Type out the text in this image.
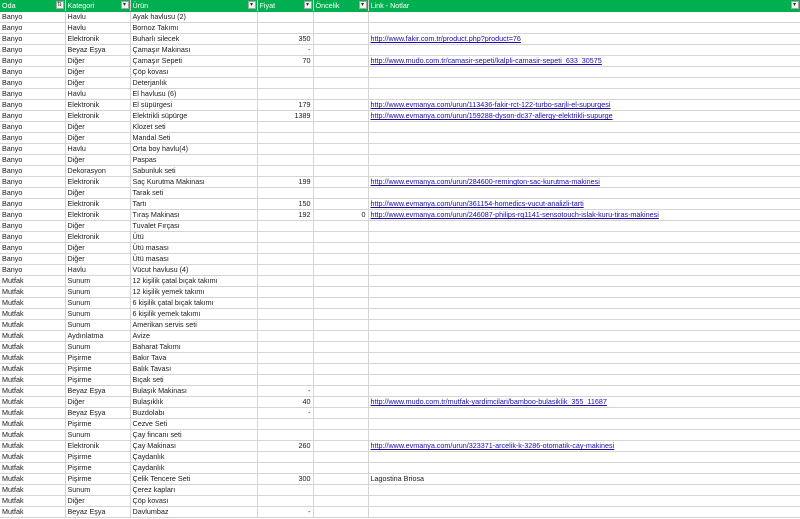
Oda ⇅	Kategori ▾	Ürün ▾	Fiyat ▾	Öncelik ▾	Link - Notlar ▾

Banyo	Havlu	Ayak havlusu (2)			
Banyo	Havlu	Bornoz Takımı			
Banyo	Elektronik	Buharlı silecek	350		http://www.fakir.com.tr/product.php?product=76
Banyo	Beyaz Eşya	Çamaşır Makinası	-		
Banyo	Diğer	Çamaşır Sepeti	70		http://www.mudo.com.tr/camasir-sepeti/kalpli-camasir-sepeti_633_30575
Banyo	Diğer	Çöp kovası			
Banyo	Diğer	Deterjanlık			
Banyo	Havlu	El havlusu (6)			
Banyo	Elektronik	El süpürgesi	179		http://www.evmanya.com/urun/113436-fakir-rct-122-turbo-sarjli-el-supurgesi
Banyo	Elektronik	Elektrikli süpürge	1389		http://www.evmanya.com/urun/159288-dyson-dc37-allergy-elektrikli-supurge
Banyo	Diğer	Klozet seti			
Banyo	Diğer	Mandal Seti			
Banyo	Havlu	Orta boy havlu(4)			
Banyo	Diğer	Paspas			
Banyo	Dekorasyon	Sabunluk seti			
Banyo	Elektronik	Saç Kurutma Makinası	199		http://www.evmanya.com/urun/284600-remington-sac-kurutma-makinesi
Banyo	Diğer	Tarak seti			
Banyo	Elektronik	Tartı	150		http://www.evmanya.com/urun/361154-homedics-vucut-analizli-tarti
Banyo	Elektronik	Tıraş Makinası	192	0	http://www.evmanya.com/urun/246087-philips-rq1141-sensotouch-islak-kuru-tiras-makinesi
Banyo	Diğer	Tuvalet Fırçası			
Banyo	Elektronik	Ütü			
Banyo	Diğer	Ütü masası			
Banyo	Diğer	Ütü masası			
Banyo	Havlu	Vücut havlusu (4)			
Mutfak	Sunum	12 kişilik çatal bıçak takımı			
Mutfak	Sunum	12 kişilik yemek takımı			
Mutfak	Sunum	6 kişilik çatal bıçak takımı			
Mutfak	Sunum	6 kişilik yemek takımı			
Mutfak	Sunum	Amerikan servis seti			
Mutfak	Aydınlatma	Avize			
Mutfak	Sunum	Baharat Takımı			
Mutfak	Pişirme	Bakır Tava			
Mutfak	Pişirme	Balık Tavası			
Mutfak	Pişirme	Bıçak seti			
Mutfak	Beyaz Eşya	Bulaşık Makinası	-		
Mutfak	Diğer	Bulaşıklık	40		http://www.mudo.com.tr/mutfak-yardimcilari/bamboo-bulasiklik_355_11687
Mutfak	Beyaz Eşya	Buzdolabı	-		
Mutfak	Pişirme	Cezve Seti			
Mutfak	Sunum	Çay fincanı seti			
Mutfak	Elektronik	Çay Makinası	260		http://www.evmanya.com/urun/323371-arcelik-k-3286-otomatik-cay-makinesi
Mutfak	Pişirme	Çaydanlık			
Mutfak	Pişirme	Çaydanlık			
Mutfak	Pişirme	Çelik Tencere Seti	300		Lagostina Briosa
Mutfak	Sunum	Çerez kapları			
Mutfak	Diğer	Çöp kovası			
Mutfak	Beyaz Eşya	Davlumbaz	-		
